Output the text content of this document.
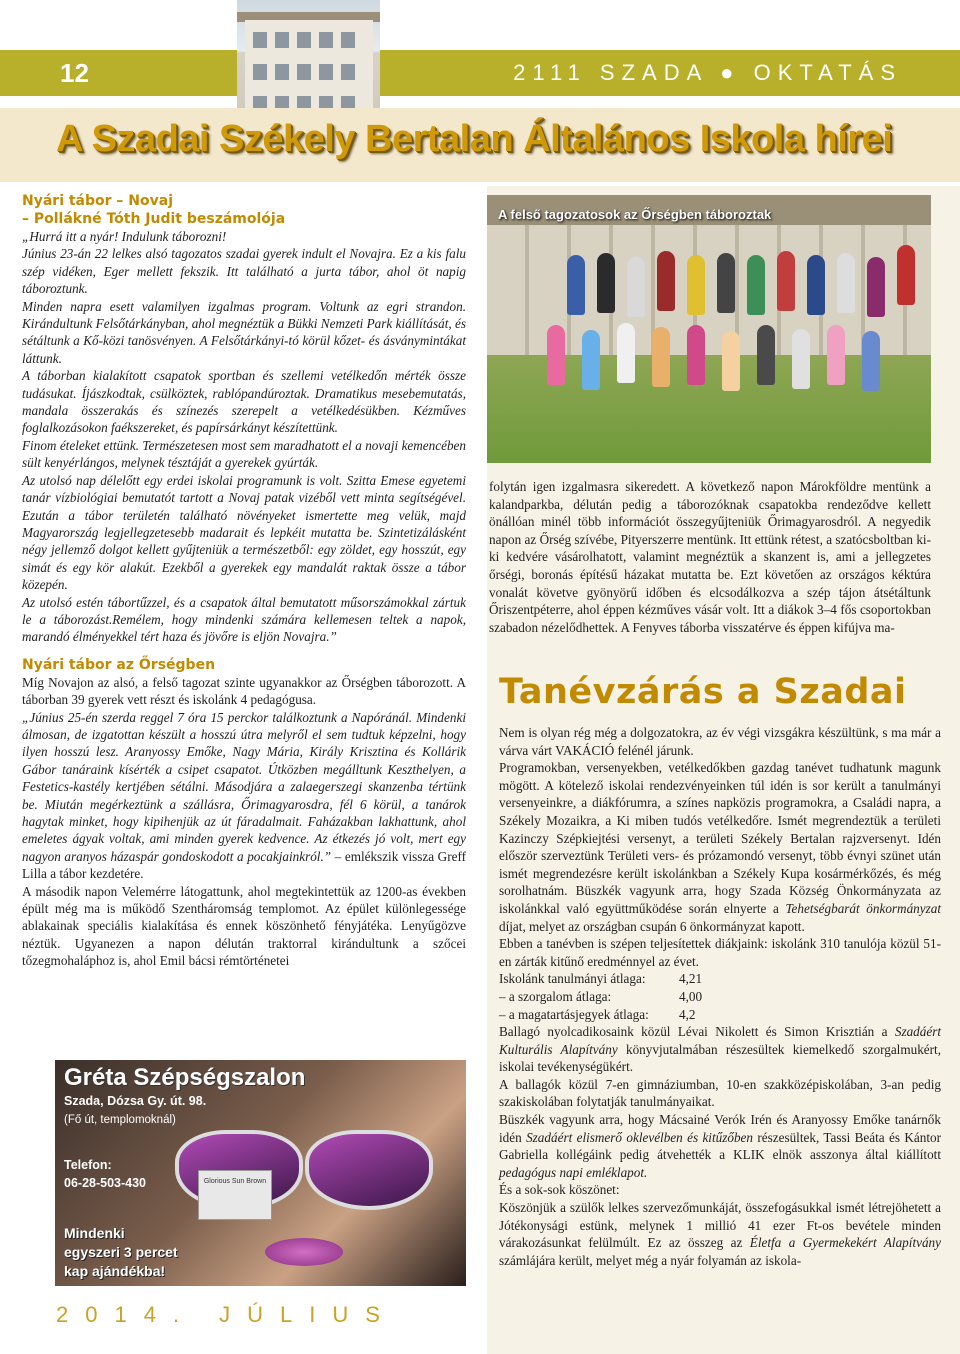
12	2111 SZADA ● OKTATÁS
A Szadai Székely Bertalan Általános Iskola hírei

Nyári tábor – Novaj

– Pollákné Tóth Judit beszámolója

„Hurrá itt a nyár! Indulunk táborozni!

Június 23-án 22 lelkes alsó tagozatos szadai gyerek indult el Novajra. Ez a kis falu szép vidéken, Eger mellett fekszik. Itt található a jurta tábor, ahol öt napig táboroztunk.

Minden napra esett valamilyen izgalmas program. Voltunk az egri strandon. Kirándultunk Felsőtárkányban, ahol megnéztük a Bükki Nemzeti Park kiállítását, és sétáltunk a Kő-közi tanösvényen. A Felsőtárkányi-tó körül kőzet- és ásványmintákat láttunk.

A táborban kialakított csapatok sportban és szellemi vetélkedőn mérték össze tudásukat. Íjászkodtak, csülköztek, rablópandúroztak. Dramatikus mesebemutatás, mandala összerakás és színezés szerepelt a vetélkedésükben. Kézműves foglalkozásokon faékszereket, és papírsárkányt készítettünk.

Finom ételeket ettünk. Természetesen most sem maradhatott el a novaji kemencében sült kenyérlángos, melynek tésztáját a gyerekek gyúrták.

Az utolsó nap délelőtt egy erdei iskolai programunk is volt. Szitta Emese egyetemi tanár vízbiológiai bemutatót tartott a Novaj patak vizéből vett minta segítségével. Ezután a tábor területén található növényeket ismertette meg velük, majd Magyarország legjellegzetesebb madarait és lepkéit mutatta be. Szintetizálásként négy jellemző dolgot kellett gyűjteniük a természetből: egy zöldet, egy hosszút, egy simát és egy kör alakút. Ezekből a gyerekek egy mandalát raktak össze a tábor közepén.

Az utolsó estén tábortűzzel, és a csapatok által bemutatott műsorszámokkal zártuk le a táborozást.Remélem, hogy mindenki számára kellemesen teltek a napok, marandó élményekkel tért haza és jövőre is eljön Novajra.”

Nyári tábor az Őrségben

Míg Novajon az alsó, a felső tagozat szinte ugyanakkor az Őrségben táborozott. A táborban 39 gyerek vett részt és iskolánk 4 pedagógusa.

„Június 25-én szerda reggel 7 óra 15 perckor találkoztunk a Napóránál. Mindenki álmosan, de izgatottan készült a hosszú útra melyről el sem tudtuk képzelni, hogy ilyen hosszú lesz. Aranyossy Emőke, Nagy Mária, Király Krisztina és Kollárik Gábor tanáraink kísérték a csipet csapatot. Útközben megálltunk Keszthelyen, a Festetics-kastély kertjében sétálni. Másodjára a zalaegerszegi skanzenba tértünk be. Miután megérkeztünk a szállásra, Őrimagyarosdra, fél 6 körül, a tanárok hagytak minket, hogy kipihenjük az út fáradalmait. Faházakban lakhattunk, ahol emeletes ágyak voltak, ami minden gyerek kedvence. Az étkezés jó volt, mert egy nagyon aranyos házaspár gondoskodott a pocakjainkról.” – emlékszik vissza Greff Lilla a tábor kezdetére.

A második napon Velemérre látogattunk, ahol megtekintettük az 1200-as években épült még ma is működő Szentháromság templomot. Az épület különlegessége ablakainak speciális kialakítása és ennek köszönhető fényjátéka. Lenyűgözve néztük. Ugyanezen a napon délután traktorral kirándultunk a szőcei tőzegmohaláphoz is, ahol Emil bácsi rémtörténetei

Glorious Sun Brown
Gréta Szépségszalon
Szada, Dózsa Gy. út. 98.
(Fő út, templomoknál)
Telefon:
06-28-503-430
Mindenki
egyszeri 3 percet
kap ajándékba!
2014. JÚLIUS
A felső tagozatosok az Őrségben táboroztak

folytán igen izgalmasra sikeredett. A következő napon Márokföldre mentünk a kalandparkba, délután pedig a táborozóknak csapatokba rendeződve kellett önállóan minél több információt összegyűjteniük Őrimagyarosdról. A negyedik napon az Őrség szívébe, Pityerszerre mentünk. Itt ettünk rétest, a szatócsboltban ki-ki kedvére vásárolhatott, valamint megnéztük a skanzent is, ami a jellegzetes őrségi, boronás építésű házakat mutatta be. Ezt követően az országos kéktúra vonalát követve gyönyörű időben és elcsodálkozva a szép tájon átsétáltunk Őriszentpéterre, ahol éppen kézműves vásár volt. Itt a diákok 3–4 fős csoportokban szabadon nézelődhettek. A Fenyves táborba visszatérve és éppen kifújva ma-

Tanévzárás a Szadai

Nem is olyan rég még a dolgozatokra, az év végi vizsgákra készültünk, s ma már a várva várt VAKÁCIÓ felénél járunk.

Programokban, versenyekben, vetélkedőkben gazdag tanévet tudhatunk magunk mögött. A kötelező iskolai rendezvényeinken túl idén is sor került a tanulmányi versenyeinkre, a diákfórumra, a színes napközis programokra, a Családi napra, a Székely Mozaikra, a Ki miben tudós vetélkedőre. Ismét megrendeztük a területi Kazinczy Szépkiejtési versenyt, a területi Székely Bertalan rajzversenyt. Idén először szerveztünk Területi vers- és prózamondó versenyt, több évnyi szünet után ismét megrendezésre került iskolánkban a Székely Kupa kosármérkőzés, és még sorolhatnám. Büszkék vagyunk arra, hogy Szada Község Önkormányzata az iskolánkkal való együttműködése során elnyerte a Tehetségbarát önkormányzat díjat, melyet az országban csupán 6 önkormányzat kapott.

Ebben a tanévben is szépen teljesítettek diákjaink: iskolánk 310 tanulója közül 51-en zárták kitűnő eredménnyel az évet.

Iskolánk tanulmányi átlaga:	4,21
– a szorgalom átlaga:	4,00
– a magatartásjegyek átlaga:	4,2

Ballagó nyolcadikosaink közül Lévai Nikolett és Simon Krisztián a Szadáért Kulturális Alapítvány könyvjutalmában részesültek kiemelkedő szorgalmukért, iskolai tevékenységükért.

A ballagók közül 7-en gimnáziumban, 10-en szakközépiskolában, 3-an pedig szakiskolában folytatják tanulmányaikat.

Büszkék vagyunk arra, hogy Mácsainé Verók Irén és Aranyossy Emőke tanárnők idén Szadáért elismerő oklevélben és kitűzőben részesültek, Tassi Beáta és Kántor Gabriella kollégáink pedig átvehették a KLIK elnök asszonya által kiállított pedagógus napi emléklapot.

És a sok-sok köszönet:

Köszönjük a szülők lelkes szervezőmunkáját, összefogásukkal ismét létrejöhetett a Jótékonysági estünk, melynek 1 millió 41 ezer Ft-os bevétele minden várakozásunkat felülmúlt. Ez az összeg az Életfa a Gyermekekért Alapítvány számlájára került, melyet még a nyár folyamán az iskola-
